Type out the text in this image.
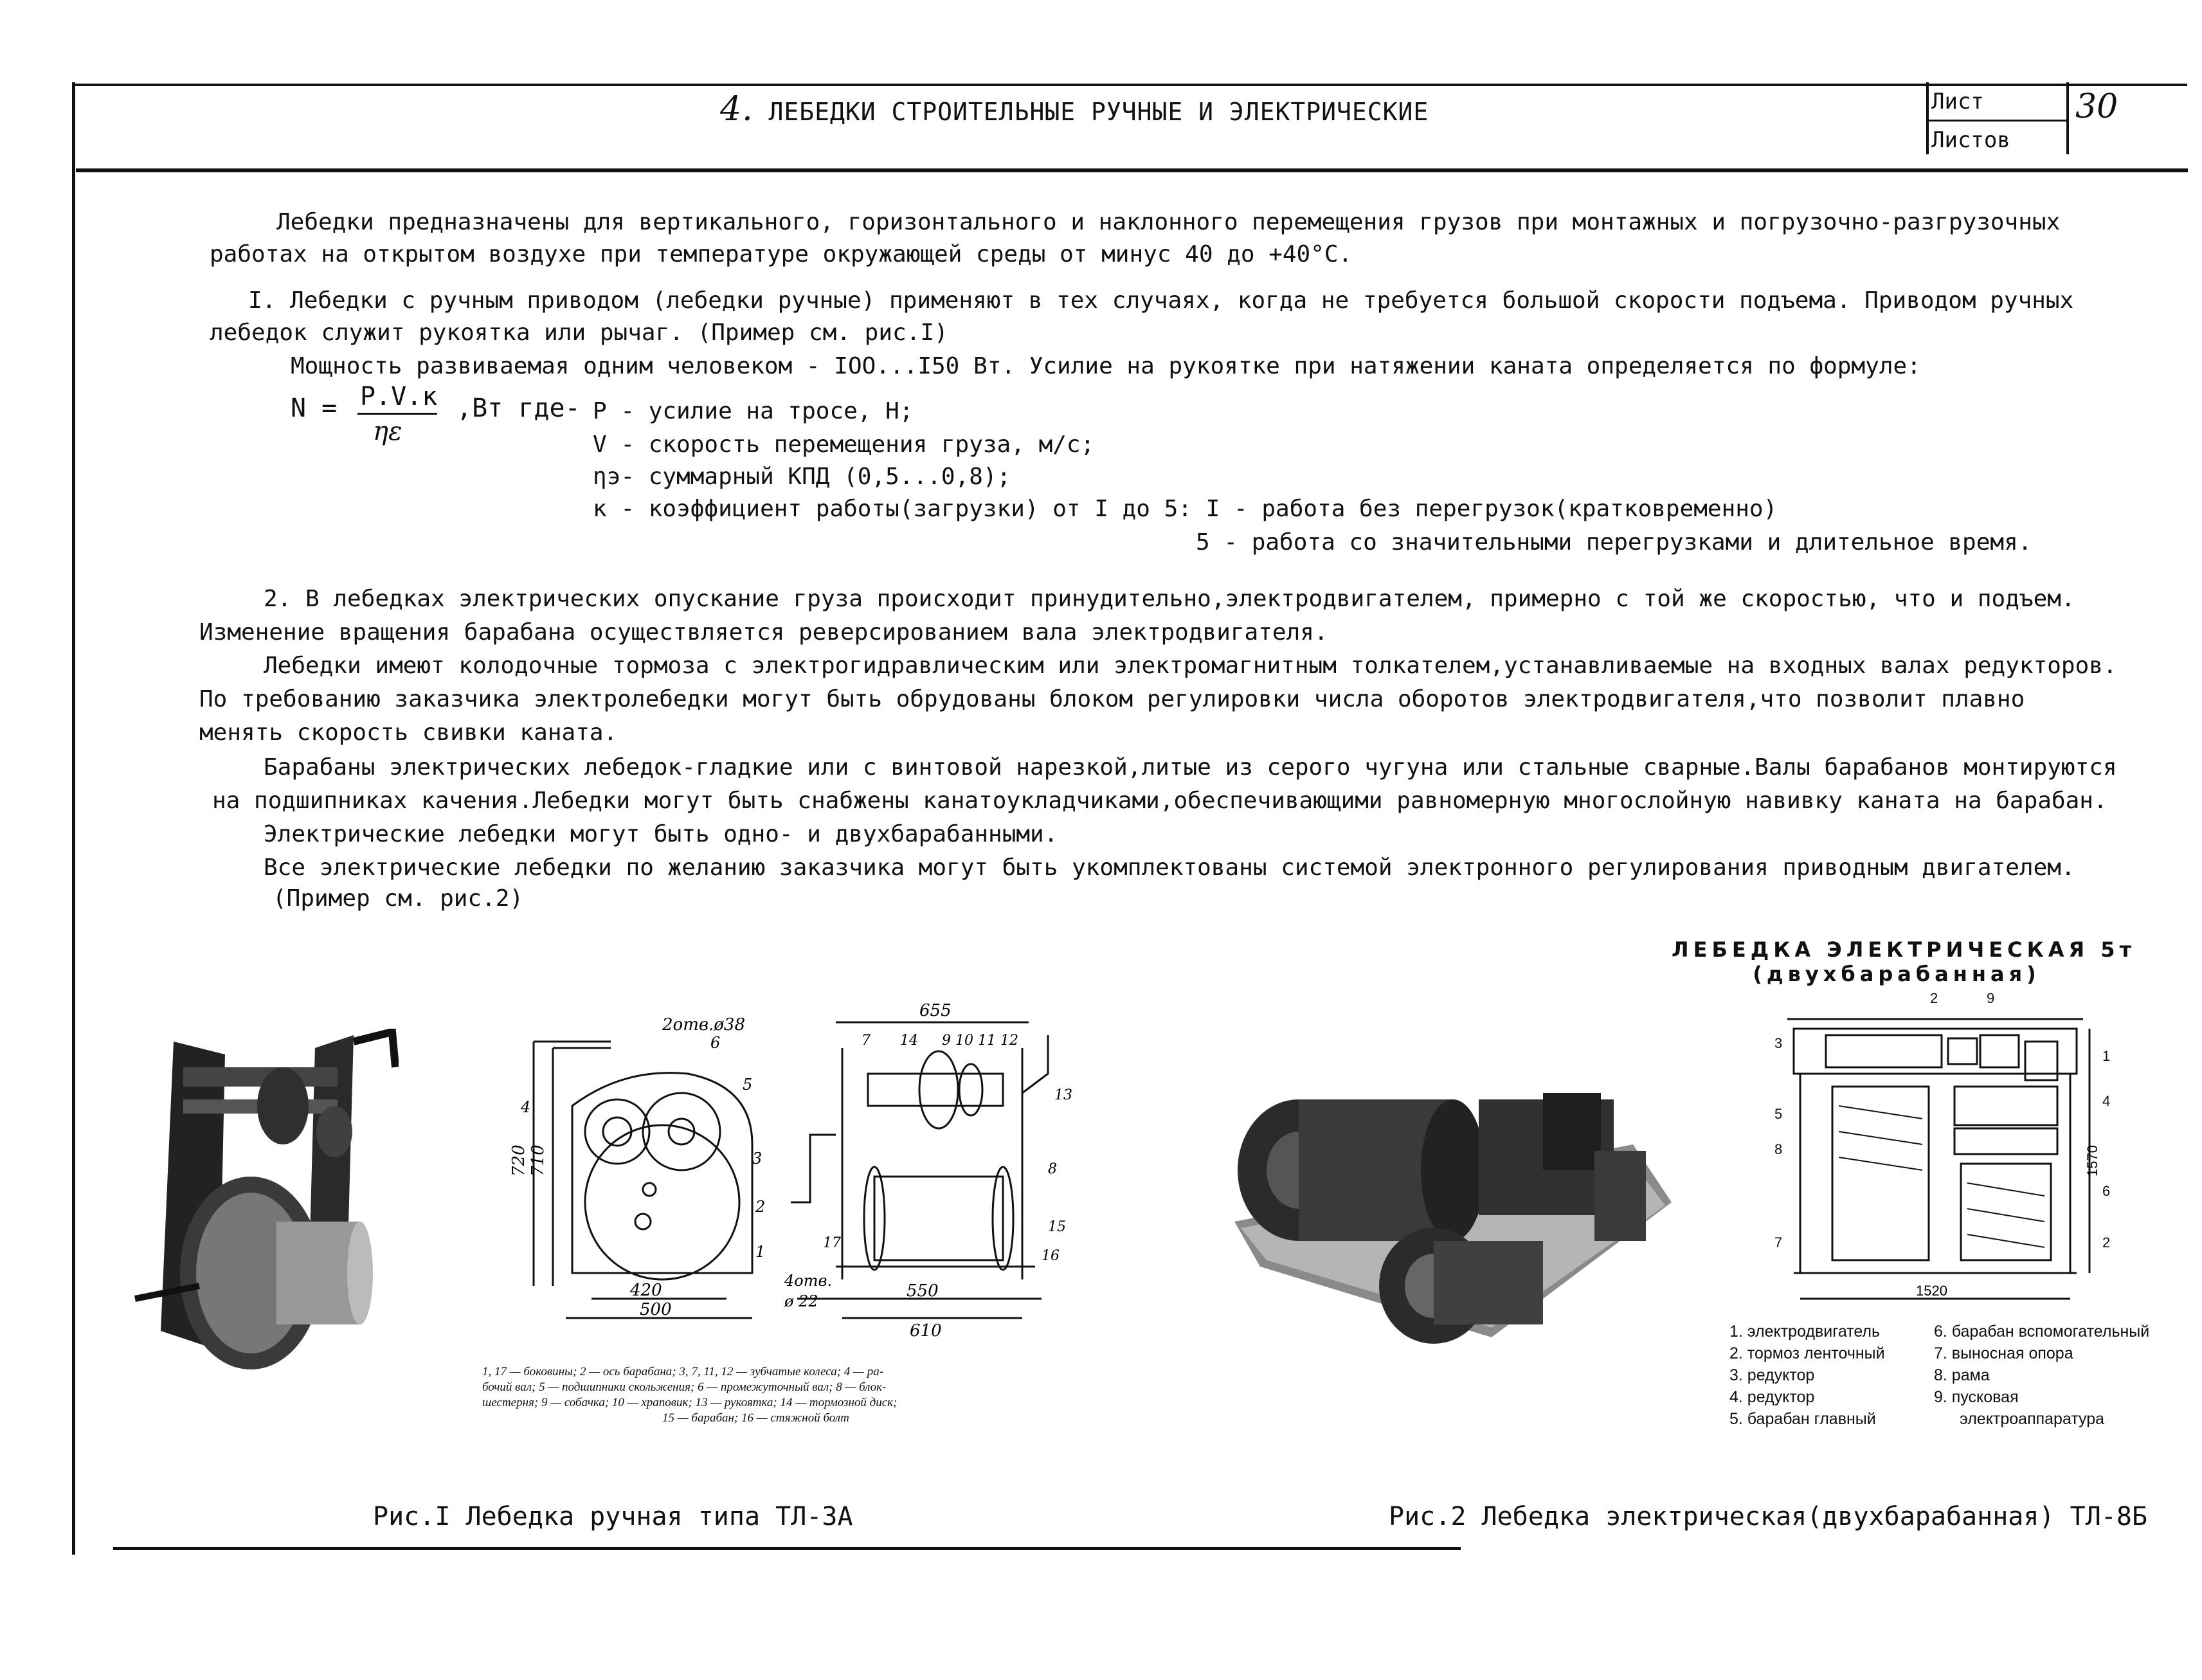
4. ЛЕБЕДКИ СТРОИТЕЛЬНЫЕ РУЧНЫЕ И ЭЛЕКТРИЧЕСКИЕ	Лист
Листов
30
Лебедки предназначены для вертикального, горизонтального и наклонного перемещения грузов при монтажных и погрузочно-разгрузочных
работах на открытом воздухе при температуре окружающей среды от минус 40 до +40°С.
I. Лебедки с ручным приводом (лебедки ручные) применяют в тех случаях, когда не требуется большой скорости подъема. Приводом ручных
лебедок служит рукоятка или рычаг. (Пример см. рис.I)
Мощность развиваемая одним человеком - IOO...I50 Вт. Усилие на рукоятке при натяжении каната определяется по формуле:
N = P.V.к
ηε
,Вт где- P - усилие на тросе, Н;
V - скорость перемещения груза, м/с;
ηэ- суммарный КПД (0,5...0,8);
к - коэффициент работы(загрузки) от I до 5: I - работа без перегрузок(кратковременно)
5 - работа со значительными перегрузками и длительное время.
2. В лебедках электрических опускание груза происходит принудительно,электродвигателем, примерно с той же скоростью, что и подъем.
Изменение вращения барабана осуществляется реверсированием вала электродвигателя.
Лебедки имеют колодочные тормоза с электрогидравлическим или электромагнитным толкателем,устанавливаемые на входных валах редукторов.
По требованию заказчика электролебедки могут быть обрудованы блоком регулировки числа оборотов электродвигателя,что позволит плавно
менять скорость свивки каната.
Барабаны электрических лебедок-гладкие или с винтовой нарезкой,литые из серого чугуна или стальные сварные.Валы барабанов монтируются
на подшипниках качения.Лебедки могут быть снабжены канатоукладчиками,обеспечивающими равномерную многослойную навивку каната на барабан.
Электрические лебедки могут быть одно- и двухбарабанными.
Все электрические лебедки по желанию заказчика могут быть укомплектованы системой электронного регулирования приводным двигателем.
(Пример см. рис.2)
720 710
420
500
2отв.ø38
4
6
5
3
2
1
655
550
610
4отв.
ø 22
7 14 9 10 11 12
13
8
15
16
17
1, 17 — боковины; 2 — ось барабана; 3, 7, 11, 12 — зубчатые колеса; 4 — ра-
бочий вал; 5 — подшипники скольжения; 6 — промежуточный вал; 8 — блок-
шестерня; 9 — собачка; 10 — храповик; 13 — рукоятка; 14 — тормозной диск;
15 — барабан; 16 — стяжной болт
Рис.I Лебедка ручная типа ТЛ-3А
ЛЕБЕДКА ЭЛЕКТРИЧЕСКАЯ 5т
(двухбарабанная)
1570
1520
2	9
3
1
4
5
8
6
2
7
1. электродвигатель
2. тормоз ленточный
3. редуктор
4. редуктор
5. барабан главный
6. барабан вспомогательный
7. выносная опора
8. рама
9. пусковая
электроаппаратура
Рис.2 Лебедка электрическая(двухбарабанная) ТЛ-8Б
